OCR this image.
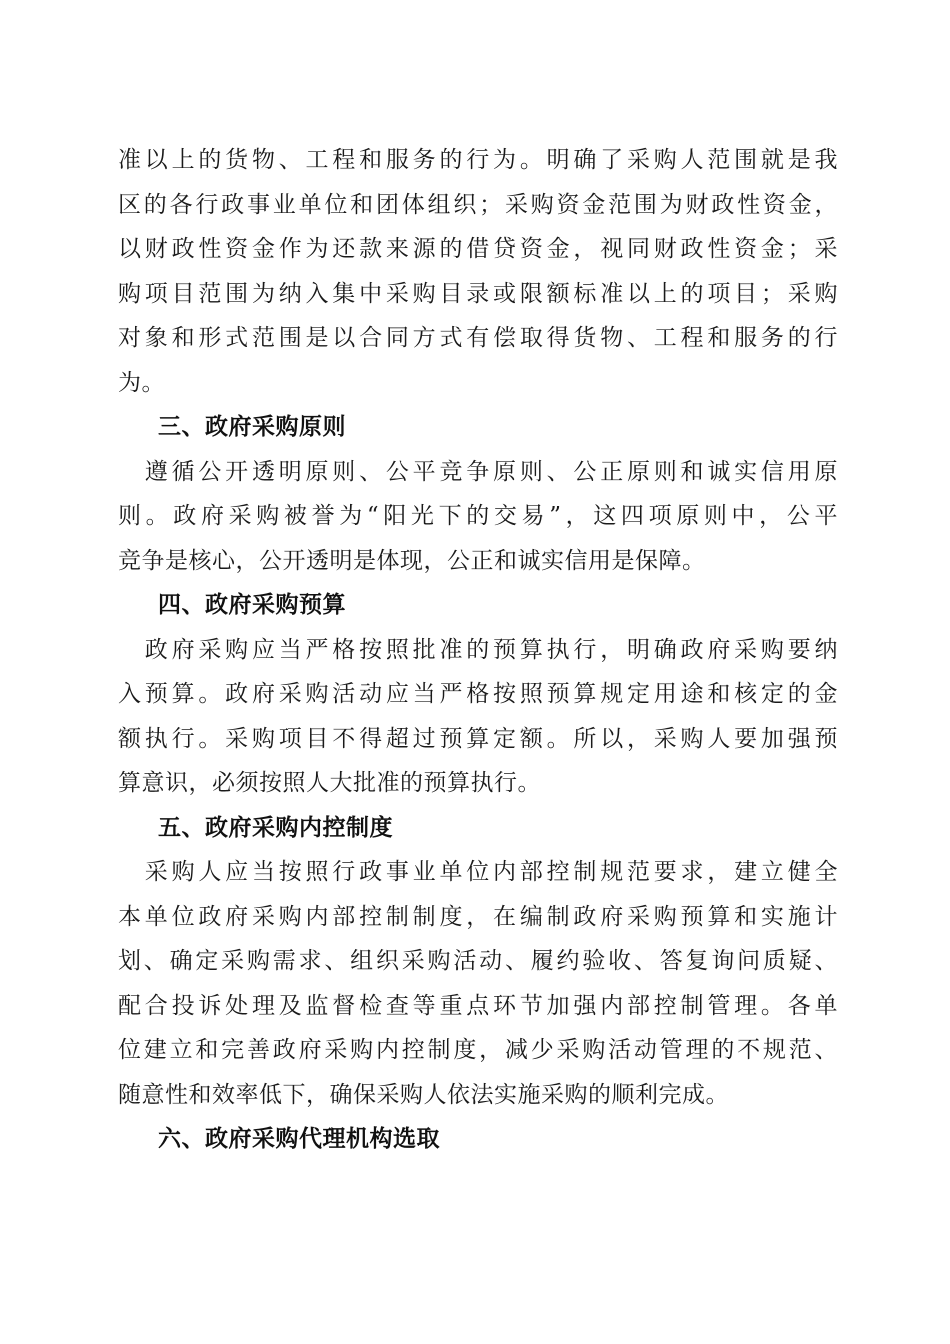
准以上的货物、工程和服务的行为。明确了采购人范围就是我
区的各行政事业单位和团体组织；采购资金范围为财政性资金，
以财政性资金作为还款来源的借贷资金，视同财政性资金；采
购项目范围为纳入集中采购目录或限额标准以上的项目；采购
对象和形式范围是以合同方式有偿取得货物、工程和服务的行
为。
三、政府采购原则
　遵循公开透明原则、公平竞争原则、公正原则和诚实信用原
则。政府采购被誉为“阳光下的交易”，这四项原则中，公平
竞争是核心，公开透明是体现，公正和诚实信用是保障。
四、政府采购预算
　政府采购应当严格按照批准的预算执行，明确政府采购要纳
入预算。政府采购活动应当严格按照预算规定用途和核定的金
额执行。采购项目不得超过预算定额。所以，采购人要加强预
算意识，必须按照人大批准的预算执行。
五、政府采购内控制度
　采购人应当按照行政事业单位内部控制规范要求，建立健全
本单位政府采购内部控制制度，在编制政府采购预算和实施计
划、确定采购需求、组织采购活动、履约验收、答复询问质疑、
配合投诉处理及监督检查等重点环节加强内部控制管理。各单
位建立和完善政府采购内控制度，减少采购活动管理的不规范、
随意性和效率低下，确保采购人依法实施采购的顺利完成。
六、政府采购代理机构选取
